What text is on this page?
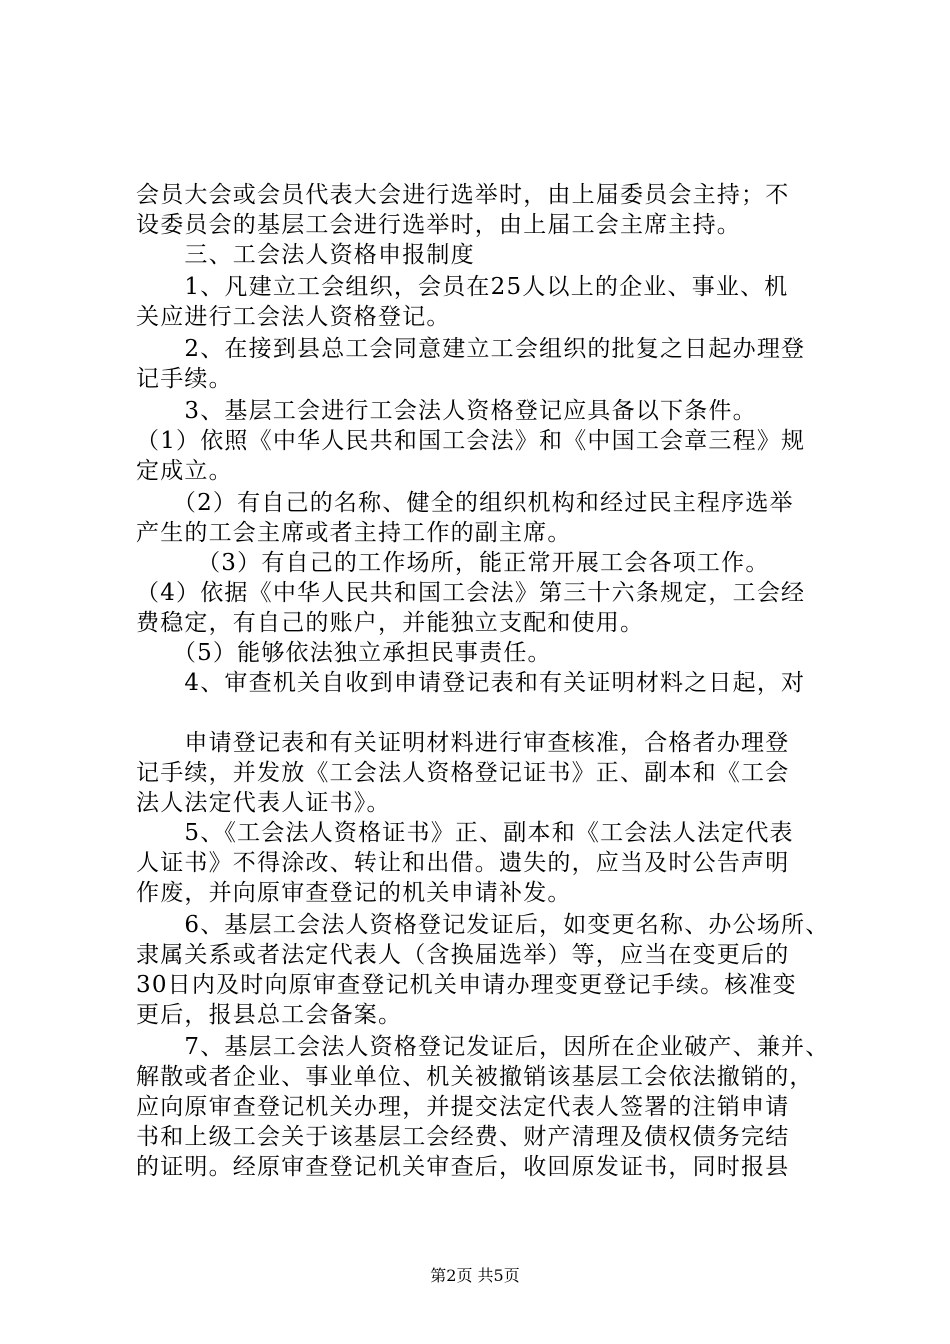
会员大会或会员代表大会进行选举时，由上届委员会主持；不
设委员会的基层工会进行选举时，由上届工会主席主持。
　　三、工会法人资格申报制度
　　1、凡建立工会组织，会员在25人以上的企业、事业、机
关应进行工会法人资格登记。
　　2、在接到县总工会同意建立工会组织的批复之日起办理登
记手续。
　　3、基层工会进行工会法人资格登记应具备以下条件。
（1）依照《中华人民共和国工会法》和《中国工会章三程》规
定成立。
　　（2）有自己的名称、健全的组织机构和经过民主程序选举
产生的工会主席或者主持工作的副主席。
　　　（3）有自己的工作场所，能正常开展工会各项工作。
（4）依据《中华人民共和国工会法》第三十六条规定，工会经
费稳定，有自己的账户，并能独立支配和使用。
　　（5）能够依法独立承担民事责任。
　　4、审查机关自收到申请登记表和有关证明材料之日起，对
　　申请登记表和有关证明材料进行审查核准，合格者办理登
记手续，并发放《工会法人资格登记证书》正、副本和《工会
法人法定代表人证书》。
　　5、《工会法人资格证书》正、副本和《工会法人法定代表
人证书》不得涂改、转让和出借。遗失的，应当及时公告声明
作废，并向原审查登记的机关申请补发。
　　6、基层工会法人资格登记发证后，如变更名称、办公场所、
隶属关系或者法定代表人（含换届选举）等，应当在变更后的
30日内及时向原审查登记机关申请办理变更登记手续。核准变
更后，报县总工会备案。
　　7、基层工会法人资格登记发证后，因所在企业破产、兼并、
解散或者企业、事业单位、机关被撤销该基层工会依法撤销的，
应向原审查登记机关办理，并提交法定代表人签署的注销申请
书和上级工会关于该基层工会经费、财产清理及债权债务完结
的证明。经原审查登记机关审查后，收回原发证书，同时报县
第2页 共5页
